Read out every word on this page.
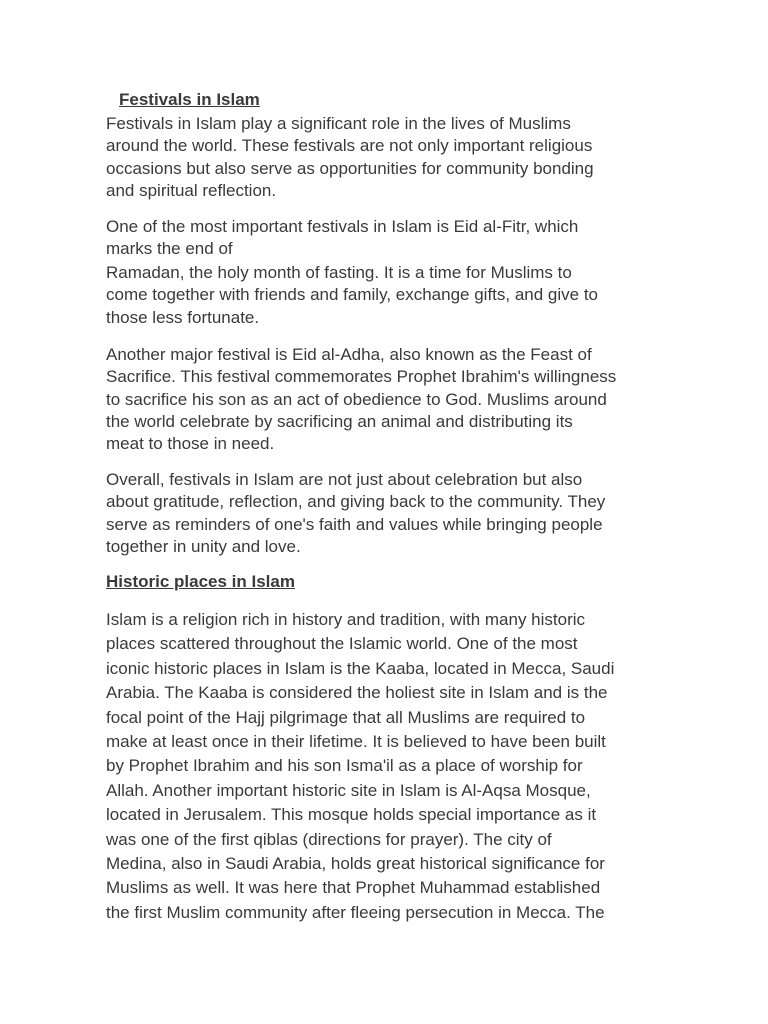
Festivals in Islam

Festivals in Islam play a significant role in the lives of Muslims
around the world. These festivals are not only important religious
occasions but also serve as opportunities for community bonding
and spiritual reflection.

One of the most important festivals in Islam is Eid al-Fitr, which
marks the end of

Ramadan, the holy month of fasting. It is a time for Muslims to
come together with friends and family, exchange gifts, and give to
those less fortunate.

Another major festival is Eid al-Adha, also known as the Feast of
Sacrifice. This festival commemorates Prophet Ibrahim's willingness
to sacrifice his son as an act of obedience to God. Muslims around
the world celebrate by sacrificing an animal and distributing its
meat to those in need.

Overall, festivals in Islam are not just about celebration but also
about gratitude, reflection, and giving back to the community. They
serve as reminders of one's faith and values while bringing people
together in unity and love.

Historic places in Islam

Islam is a religion rich in history and tradition, with many historic
places scattered throughout the Islamic world. One of the most
iconic historic places in Islam is the Kaaba, located in Mecca, Saudi
Arabia. The Kaaba is considered the holiest site in Islam and is the
focal point of the Hajj pilgrimage that all Muslims are required to
make at least once in their lifetime. It is believed to have been built
by Prophet Ibrahim and his son Isma'il as a place of worship for
Allah. Another important historic site in Islam is Al-Aqsa Mosque,
located in Jerusalem. This mosque holds special importance as it
was one of the first qiblas (directions for prayer). The city of
Medina, also in Saudi Arabia, holds great historical significance for
Muslims as well. It was here that Prophet Muhammad established
the first Muslim community after fleeing persecution in Mecca. The
